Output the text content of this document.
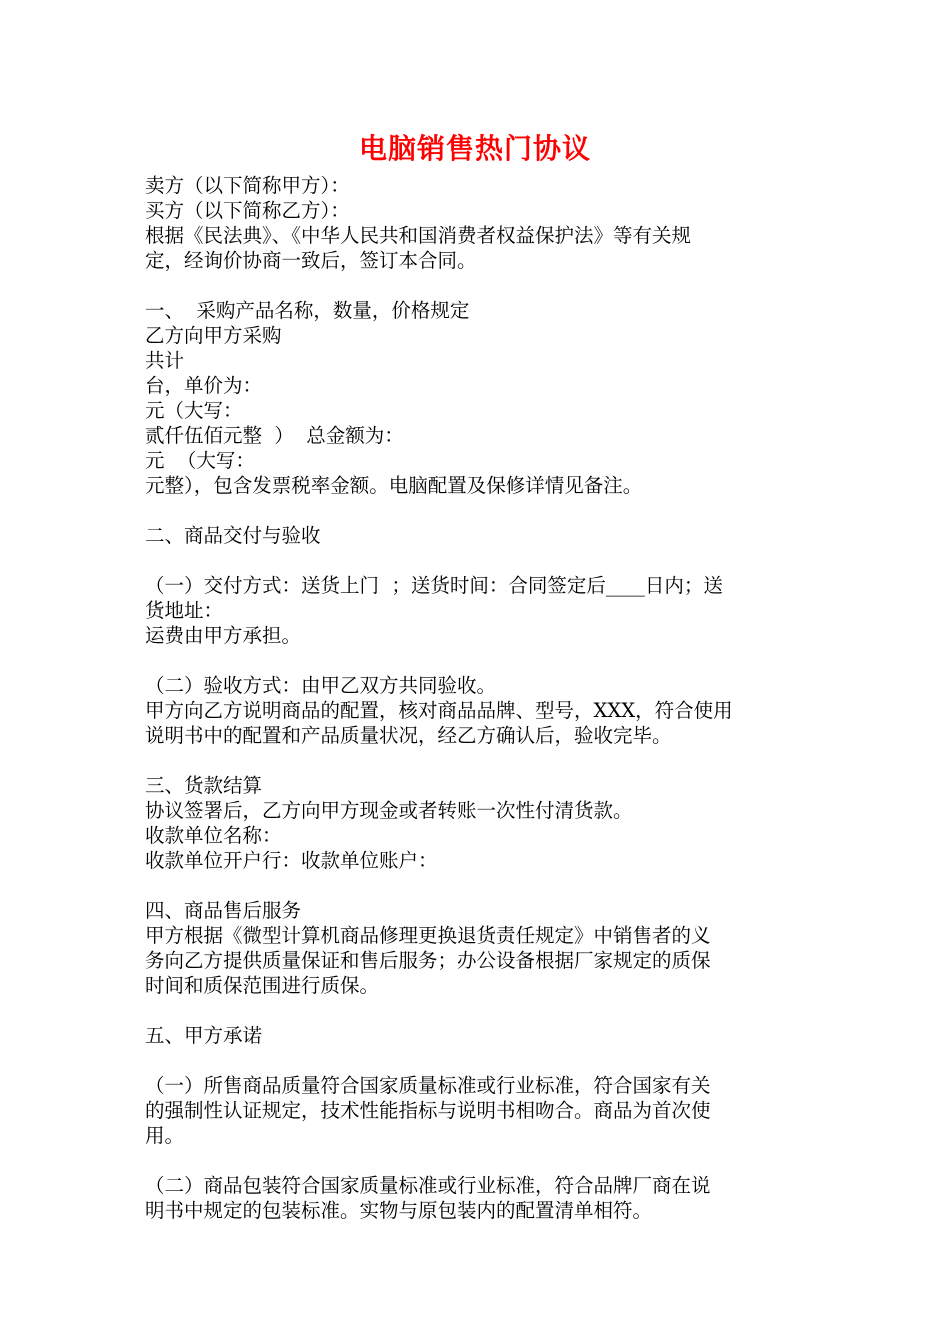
电脑销售热门协议
卖方（以下简称甲方）：
买方（以下简称乙方）：
根据《民法典》、《中华人民共和国消费者权益保护法》等有关规
定，经询价协商一致后，签订本合同。
一、  采购产品名称，数量，价格规定
乙方向甲方采购
共计
台，单价为：
元（大写：
贰仟伍佰元整  ）  总金额为：
元  （大写：
元整），包含发票税率金额。电脑配置及保修详情见备注。
二、商品交付与验收
（一）交付方式：送货上门  ；送货时间：合同签定后____日内；送
货地址：
运费由甲方承担。
（二）验收方式：由甲乙双方共同验收。
甲方向乙方说明商品的配置，核对商品品牌、型号，XXX，符合使用
说明书中的配置和产品质量状况，经乙方确认后，验收完毕。
三、货款结算
协议签署后，乙方向甲方现金或者转账一次性付清货款。
收款单位名称：
收款单位开户行：收款单位账户：
四、商品售后服务
甲方根据《微型计算机商品修理更换退货责任规定》中销售者的义
务向乙方提供质量保证和售后服务；办公设备根据厂家规定的质保
时间和质保范围进行质保。
五、甲方承诺
（一）所售商品质量符合国家质量标准或行业标准，符合国家有关
的强制性认证规定，技术性能指标与说明书相吻合。商品为首次使
用。
（二）商品包装符合国家质量标准或行业标准，符合品牌厂商在说
明书中规定的包装标准。实物与原包装内的配置清单相符。
